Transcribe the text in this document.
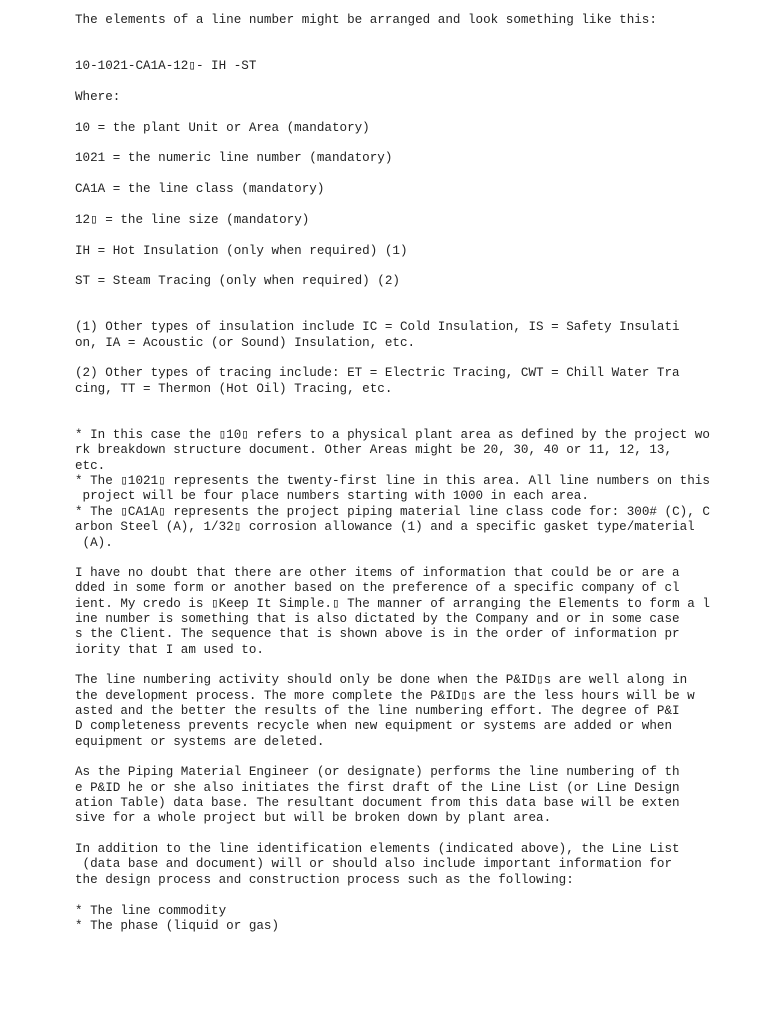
The elements of a line number might be arranged and look something like this:
10-1021-CA1A-12▯- IH -ST
Where:
10 = the plant Unit or Area (mandatory)
1021 = the numeric line number (mandatory)
CA1A = the line class (mandatory)
12▯ = the line size (mandatory)
IH = Hot Insulation (only when required) (1)
ST = Steam Tracing (only when required) (2)
(1) Other types of insulation include IC = Cold Insulation, IS = Safety Insulati
on, IA = Acoustic (or Sound) Insulation, etc.
(2) Other types of tracing include: ET = Electric Tracing, CWT = Chill Water Tra
cing, TT = Thermon (Hot Oil) Tracing, etc.
* In this case the ▯10▯ refers to a physical plant area as defined by the project wo
rk breakdown structure document. Other Areas might be 20, 30, 40 or 11, 12, 13,
etc.
* The ▯1021▯ represents the twenty-first line in this area. All line numbers on this
project will be four place numbers starting with 1000 in each area.
* The ▯CA1A▯ represents the project piping material line class code for: 300# (C), C
arbon Steel (A), 1/32▯ corrosion allowance (1) and a specific gasket type/material
(A).
I have no doubt that there are other items of information that could be or are a
dded in some form or another based on the preference of a specific company of cl
ient. My credo is ▯Keep It Simple.▯ The manner of arranging the Elements to form a l
ine number is something that is also dictated by the Company and or in some case
s the Client. The sequence that is shown above is in the order of information pr
iority that I am used to.
The line numbering activity should only be done when the P&ID▯s are well along in
the development process. The more complete the P&ID▯s are the less hours will be w
asted and the better the results of the line numbering effort. The degree of P&I
D completeness prevents recycle when new equipment or systems are added or when
equipment or systems are deleted.
As the Piping Material Engineer (or designate) performs the line numbering of th
e P&ID he or she also initiates the first draft of the Line List (or Line Design
ation Table) data base. The resultant document from this data base will be exten
sive for a whole project but will be broken down by plant area.
In addition to the line identification elements (indicated above), the Line List
(data base and document) will or should also include important information for
the design process and construction process such as the following:
* The line commodity
* The phase (liquid or gas)
